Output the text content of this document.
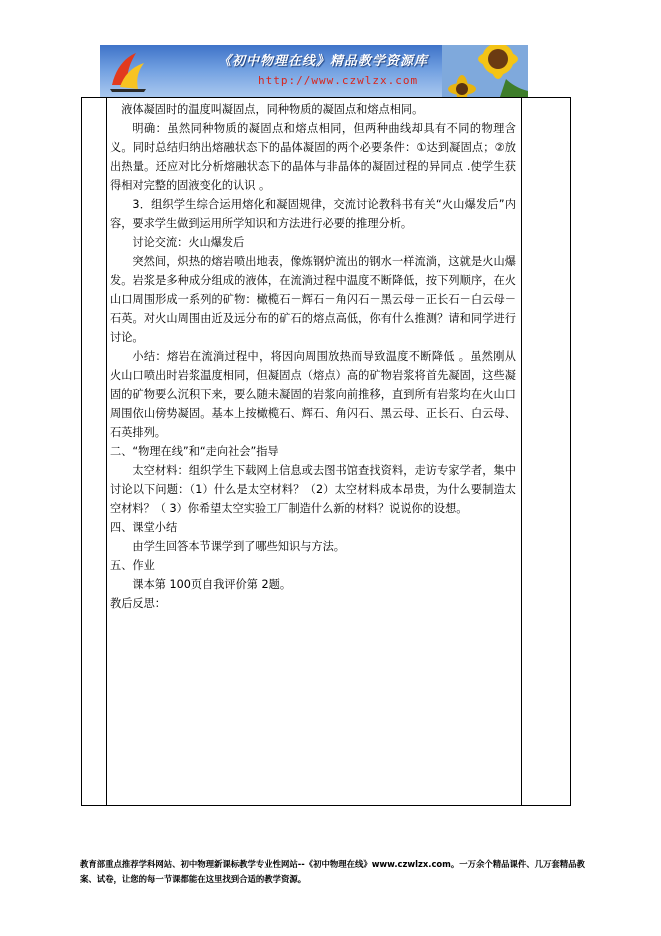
《初中物理在线》精品教学资源库
http://www.czwlzx.com

液体凝固时的温度叫凝固点，同种物质的凝固点和熔点相同。

明确：虽然同种物质的凝固点和熔点相同，但两种曲线却具有不同的物理含义。同时总结归纳出熔融状态下的晶体凝固的两个必要条件：①达到凝固点；②放出热量。还应对比分析熔融状态下的晶体与非晶体的凝固过程的异同点 .使学生获得相对完整的固液变化的认识 。

3．组织学生综合运用熔化和凝固规律，交流讨论教科书有关“火山爆发后”内容，要求学生做到运用所学知识和方法进行必要的推理分析。

讨论交流：火山爆发后

突然间，炽热的熔岩喷出地表，像炼钢炉流出的钢水一样流淌，这就是火山爆发。岩浆是多种成分组成的液体，在流淌过程中温度不断降低，按下列顺序，在火山口周围形成一系列的矿物：橄榄石－辉石－角闪石－黑云母－正长石－白云母－石英。对火山周围由近及远分布的矿石的熔点高低，你有什么推测？请和同学进行讨论。

小结：熔岩在流淌过程中，将因向周围放热而导致温度不断降低 。虽然刚从火山口喷出时岩浆温度相同，但凝固点（熔点）高的矿物岩浆将首先凝固，这些凝固的矿物要么沉积下来，要么随未凝固的岩浆向前推移，直到所有岩浆均在火山口周围依山傍势凝固。基本上按橄榄石、辉石、角闪石、黑云母、正长石、白云母、石英排列。

二、“物理在线”和“走向社会”指导

太空材料：组织学生下载网上信息或去图书馆查找资料，走访专家学者，集中讨论以下问题：（1）什么是太空材料？（2）太空材料成本昂贵，为什么要制造太空材料？（ 3）你希望太空实验工厂制造什么新的材料？说说你的设想。

四、课堂小结

由学生回答本节课学到了哪些知识与方法。

五、作业

课本第 100页自我评价第 2题。

教后反思：

教育部重点推荐学科网站、初中物理新课标教学专业性网站--《初中物理在线》www.czwlzx.com。一万余个精品课件、几万套精品教案、试卷，让您的每一节课都能在这里找到合适的教学资源。
